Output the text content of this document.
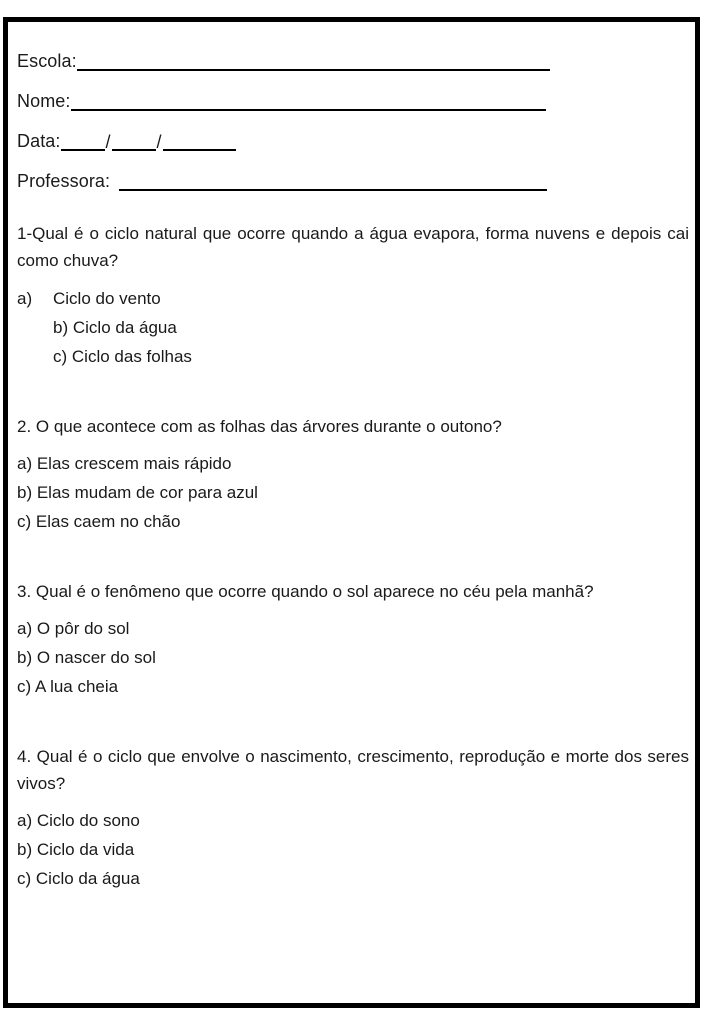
Escola:
Nome:
Data:	/	/
Professora:

1-Qual é o ciclo natural que ocorre quando a água evapora, forma nuvens e depois cai como chuva?

a)	Ciclo do vento
b) Ciclo da água
c) Ciclo das folhas

2. O que acontece com as folhas das árvores durante o outono?

a) Elas crescem mais rápido
b) Elas mudam de cor para azul
c) Elas caem no chão

3. Qual é o fenômeno que ocorre quando o sol aparece no céu pela manhã?

a) O pôr do sol
b) O nascer do sol
c) A lua cheia

4. Qual é o ciclo que envolve o nascimento, crescimento, reprodução e morte dos seres vivos?

a) Ciclo do sono
b) Ciclo da vida
c) Ciclo da água
